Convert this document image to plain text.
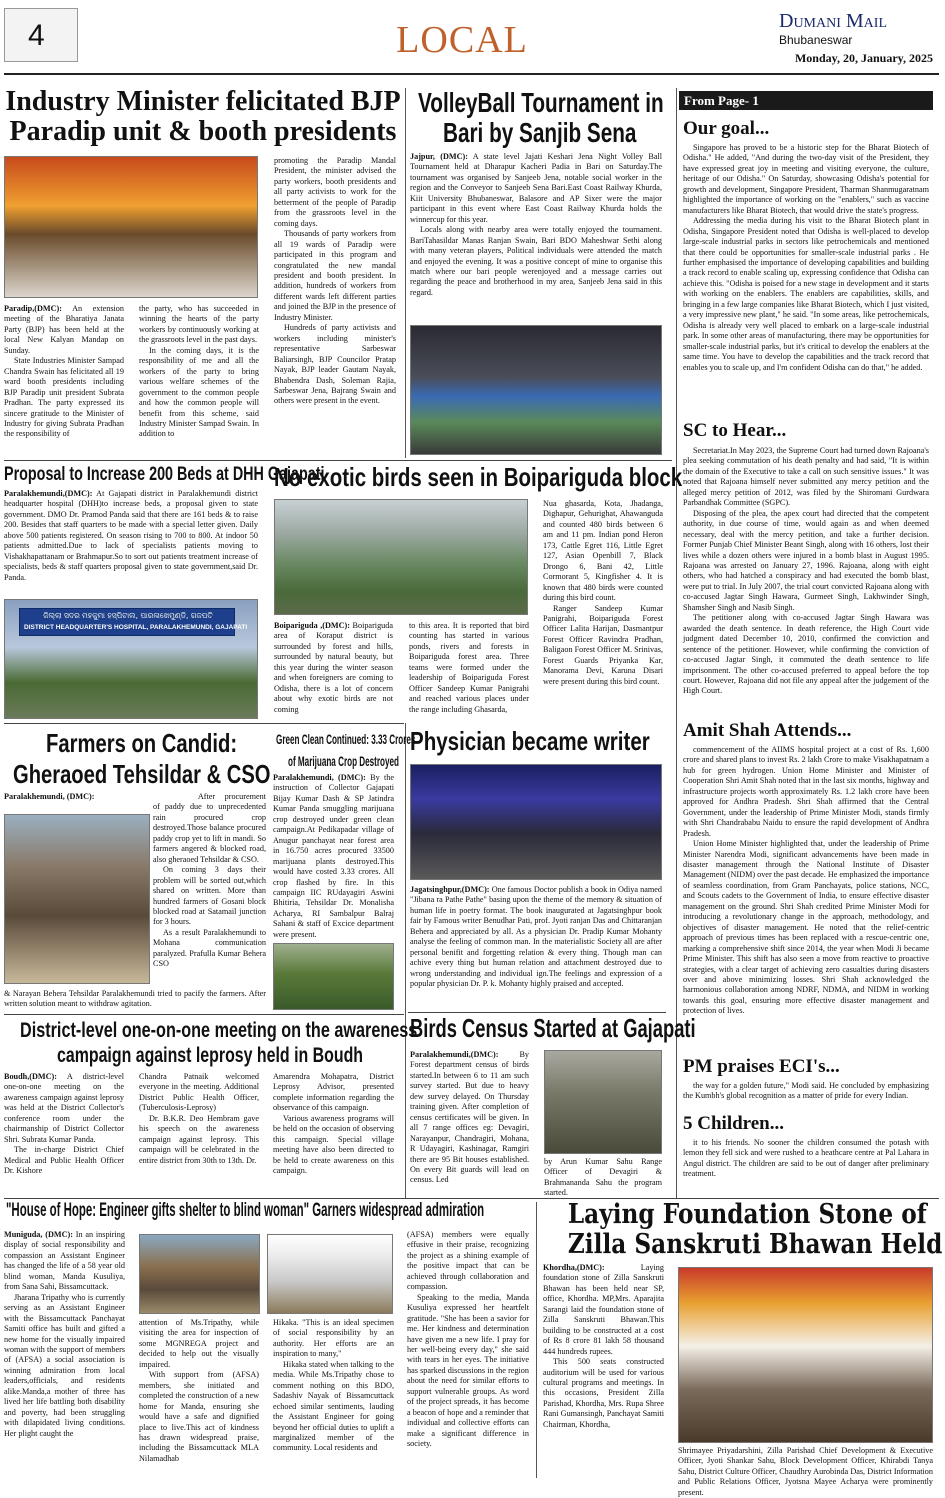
4	LOCAL	Dumani Mail
Bhubaneswar
Monday, 20, January, 2025
Industry Minister felicitated BJP
Paradip unit & booth presidents

Paradip,(DMC): An extension meeting of the Bharatiya Janata Party (BJP) has been held at the local New Kalyan Mandap on Sunday.

State Industries Minister Sampad Chandra Swain has felicitated all 19 ward booth presidents including BJP Paradip unit president Subrata Pradhan. The party expressed its sincere gratitude to the Minister of Industry for giving Subrata Pradhan the responsibility of

the party, who has succeeded in winning the hearts of the party workers by continuously working at the grassroots level in the past days.

In the coming days, it is the responsibility of me and all the workers of the party to bring various welfare schemes of the government to the common people and how the common people will benefit from this scheme, said Industry Minister Sampad Swain. In addition to

promoting the Paradip Mandal President, the minister advised the party workers, booth presidents and all party activists to work for the betterment of the people of Paradip from the grassroots level in the coming days.

Thousands of party workers from all 19 wards of Paradip were participated in this program and congratulated the new mandal president and booth president. In addition, hundreds of workers from different wards left different parties and joined the BJP in the presence of Industry Minister.

Hundreds of party activists and workers including minister's representative Sarbeswar Baliarsingh, BJP Councilor Pratap Nayak, BJP leader Gautam Nayak, Bhabendra Dash, Soleman Rajia, Sarbeswar Jena, Bajrang Swain and others were present in the event.

VolleyBall Tournament in
Bari by Sanjib Sena

Jajpur, (DMC): A state level Jajati Keshari Jena Night Volley Ball Tournament held at Dharapur Kacheri Padia in Bari on Saturday.The tournament was organised by Sanjeeb Jena, notable social worker in the region and the Conveyor to Sanjeeb Sena Bari.East Coast Railway Khurda, Kiit University Bhubaneswar, Balasore and AP Sixer were the major participant in this event where East Coast Railway Khurda holds the winnercup for this year.

Locals along with nearby area were totally enjoyed the tournament. BariTahasildar Manas Ranjan Swain, Bari BDO Maheshwar Sethi along with many veteran players, Political individuals were attended the match and enjoyed the evening. It was a positive concept of mine to organise this match where our bari people werenjoyed and a message carries out regarding the peace and brotherhood in my area, Sanjeeb Jena said in this regard.

Proposal to Increase 200 Beds at DHH Gajapati

Paralakhemundi,(DMC): At Gajapati district in Paralakhemundi district headquarter hospital (DHH)to increase beds, a proposal given to state government. DMO Dr. Pramod Panda said that there are 161 beds & to raise 200. Besides that staff quarters to be made with a special letter given. Daily above 500 patients registered. On season rising to 700 to 800. At indoor 50 patients admitted.Due to lack of specialists patients moving to Vishakhapattanam or Brahmapur.So to sort out patients treatment increase of specialists, beds & staff quarters proposal given to state government,said Dr. Panda.

ଜିଲ୍ଲା ସଦର ମହକୁମା ହସ୍ପିଟାଲ, ପାରଳାଖେମୁଣ୍ଡି, ଗଜପତି
DISTRICT HEADQUARTER'S HOSPITAL, PARALAKHEMUNDI, GAJAPATI
No exotic birds seen in Boipariguda block

Boipariguda ,(DMC): Boipariguda area of Koraput district is surrounded by forest and hills, surrounded by natural beauty, but this year during the winter season and when foreigners are coming to Odisha, there is a lot of concern about why exotic birds are not coming

to this area. It is reported that bird counting has started in various ponds, rivers and forests in Boipariguda forest area. Three teams were formed under the leadership of Boipariguda Forest Officer Sandeep Kumar Panigrahi and reached various places under the range including Ghasarda,

Nua ghasarda, Kota, Jhadanga, Dighapur, Gehurighat, Ahawanguda and counted 480 birds between 6 am and 11 pm. Indian pond Heron 173, Cattle Egret 116, Little Egret 127, Asian Openbill 7, Black Drongo 6, Bani 42, Little Cormorant 5, Kingfisher 4. It is known that 480 birds were counted during this bird count.

Ranger Sandeep Kumar Panigrahi, Boipariguda Forest Officer Lalita Harijan, Dasmantpur Forest Officer Ravindra Pradhan, Baligaon Forest Officer M. Srinivas, Forest Guards Priyanka Kar, Manorama Devi, Karuna Disari were present during this bird count.

Farmers on Candid:
Gheraoed Tehsildar & CSO

Paralakhemundi, (DMC):	After procurement of paddy due to unprecedented rain procured crop destroyed.Those balance procured paddy crop yet to lift in mandi. So farmers angered & blocked road, also gheraoed Tehsildar & CSO.

On coming 3 days their problem will be sorted out,which shared on written. More than hundred farmers of Gosani block blocked road at Satamail junction for 3 hours.

As a result Paralakhemundi to Mohana communication paralyzed. Prafulla Kumar Behera CSO

& Narayan Behera Tehsildar Paralakhemundi tried to pacify the farmers. After written solution meant to withdraw agitation.

Green Clean Continued: 3.33 Crores
of Marijuana Crop Destroyed

Paralakhemundi, (DMC): By the instruction of Collector Gajapati Bijay Kumar Dash & SP Jatindra Kumar Panda smuggling marijuana crop destroyed under green clean campaign.At Pedikapadar village of Anugur panchayat near forest area in 16.750 acres procured 33500 marijuana plants destroyed.This would have costed 3.33 crores. All crop flashed by fire. In this campaign IIC RUdayagiri Aswini Bhitiria, Tehsildar Dr. Monalisha Acharya, RI Sambalpur Balraj Sahani & staff of Excice department were present.

Physician became writer

Jagatsinghpur,(DMC): One famous Doctor publish a book in Odiya named "Jibana ra Pathe Pathe" basing upon the theme of the memory & situation of human life in poetry format. The book inaugurated at Jagatsinghpur book fair by Famous writer Benudhar Pati, prof. Jyoti ranjan Das and Chittaranjan Behera and appreciated by all. As a physician Dr. Pradip Kumar Mohanty analyse the feeling of common man. In the materialistic Society all are after personal benifit and forgetting relation & every thing. Though man can achive every thing but human relation and attachment destroyed due to wrong understanding and individual ign.The feelings and expression of a popular physician Dr. P. k. Mohanty highly praised and accepted.

District-level one-on-one meeting on the awareness
campaign against leprosy held in Boudh

Boudh,(DMC): A district-level one-on-one meeting on the awareness campaign against leprosy was held at the District Collector's conference room under the chairmanship of District Collector Shri. Subrata Kumar Panda.

The in-charge District Chief Medical and Public Health Officer Dr. Kishore

Chandra Patnaik welcomed everyone in the meeting. Additional District Public Health Officer, (Tuberculosis-Leprosy)

Dr. B.K.R. Deo Hembram gave his speech on the awareness campaign against leprosy. This campaign will be celebrated in the entire district from 30th to 13th. Dr.

Amarendra Mohapatra, District Leprosy Advisor, presented complete information regarding the observance of this campaign.

Various awareness programs will be held on the occasion of observing this campaign. Special village meeting have also been directed to be held to create awareness on this campaign.

Birds Census Started at Gajapati

Paralakhemundi,(DMC): By Forest department census of birds started.In between 6 to 11 am such survey started. But due to heavy dew survey delayed. On Thursday training given. After completion of census certificates will be given. In all 7 range offices eg: Devagiri, Narayanpur, Chandragiri, Mohana, R Udayagiri, Kashinagar, Ramgiri there are 95 Bit houses established. On every Bit guards will lead on census. Led

by Arun Kumar Sahu Range Officer of Devagiri & Brahmananda Sahu the program started.

"House of Hope: Engineer gifts shelter to blind woman" Garners widespread admiration

Muniguda, (DMC): In an inspiring display of social responsibility and compassion an Assistant Engineer has changed the life of a 58 year old blind woman, Manda Kusuliya, from Sana Sahi, Bissamcuttack.

Jharana Tripathy who is currently serving as an Assistant Engineer with the Bissamcuttack Panchayat Samiti office has built and gifted a new home for the visually impaired woman with the support of members of (AFSA) a social association is winning admiration from local leaders,officials, and residents alike.Manda,a mother of three has lived her life battling both disability and poverty, had been struggling with dilapidated living conditions. Her plight caught the

attention of Ms.Tripathy, while visiting the area for inspection of some MGNREGA project and decided to help out the visually impaired.

With support from (AFSA) members, she initiated and completed the construction of a new home for Manda, ensuring she would have a safe and dignified place to live.This act of kindness has drawn widespread praise, including the Bissamcuttack MLA Nilamadhab

Hikaka. "This is an ideal specimen of social responsibility by an authority. Her efforts are an inspiration to many,"

Hikaka stated when talking to the media. While Ms.Tripathy chose to comment nothing on this BDO, Sadashiv Nayak of Bissamcuttack echoed similar sentiments, lauding the Assistant Engineer for going beyond her official duties to uplift a marginalized member of the community. Local residents and

(AFSA) members were equally effusive in their praise, recognizing the project as a shining example of the positive impact that can be achieved through collaboration and compassion.

Speaking to the media, Manda Kusuliya expressed her heartfelt gratitude. "She has been a savior for me. Her kindness and determination have given me a new life. I pray for her well-being every day," she said with tears in her eyes. The initiative has sparked discussions in the region about the need for similar efforts to support vulnerable groups. As word of the project spreads, it has become a beacon of hope and a reminder that individual and collective efforts can make a significant difference in society.

Laying Foundation Stone of
Zilla Sanskruti Bhawan Held

Khordha,(DMC): Laying foundation stone of Zilla Sanskruti Bhawan has been held near SP, office, Khordha. MP,Mrs. Aparajita Sarangi laid the foundation stone of Zilla Sanskruti Bhawan.This building to be constructed at a cost of Rs 8 crore 81 lakh 58 thousand 444 hundreds rupees.

This 500 seats constructed auditorium will be used for various cultural programs and meetings. In this occasions, President Zilla Parishad, Khordha, Mrs. Rupa Shree Rani Gumansingh, Panchayat Samiti Chairman, Khordha,

Shrimayee Priyadarshini, Zilla Parishad Chief Development & Executive Officer, Jyoti Shankar Sahu, Block Development Officer, Khirabdi Tanya Sahu, District Culture Officer, Chaudhry Aurobinda Das, District Information and Public Relations Officer, Jyotsna Mayee Acharya were prominently present.

From Page- 1
Our goal...

Singapore has proved to be a historic step for the Bharat Biotech of Odisha." He added, "And during the two-day visit of the President, they have expressed great joy in meeting and visiting everyone, the culture, heritage of our Odisha." On Saturday, showcasing Odisha's potential for growth and development, Singapore President, Tharman Shanmugaratnam highlighted the importance of working on the "enablers," such as vaccine manufacturers like Bharat Biotech, that would drive the state's progress.

Addressing the media during his visit to the Bharat Biotech plant in Odisha, Singapore President noted that Odisha is well-placed to develop large-scale industrial parks in sectors like petrochemicals and mentioned that there could be opportunities for smaller-scale industrial parks . He further emphasised the importance of developing capabilities and building a track record to enable scaling up, expressing confidence that Odisha can achieve this. "Odisha is poised for a new stage in development and it starts with working on the enablers. The enablers are capabilities, skills, and bringing in a few large companies like Bharat Biotech, which I just visited, a very impressive new plant," he said. "In some areas, like petrochemicals, Odisha is already very well placed to embark on a large-scale industrial park. In some other areas of manufacturing, there may be opportunities for smaller-scale industrial parks, but it's critical to develop the enablers at the same time. You have to develop the capabilities and the track record that enables you to scale up, and I'm confident Odisha can do that," he added.

SC to Hear...

Secretariat.In May 2023, the Supreme Court had turned down Rajoana's plea seeking commutation of his death penalty and had said, "It is within the domain of the Executive to take a call on such sensitive issues." It was noted that Rajoana himself never submitted any mercy petition and the alleged mercy petition of 2012, was filed by the Shiromani Gurdwara Parbandhak Committee (SGPC).

Disposing of the plea, the apex court had directed that the competent authority, in due course of time, would again as and when deemed necessary, deal with the mercy petition, and take a further decision. Former Punjab Chief Minister Beant Singh, along with 16 others, lost their lives while a dozen others were injured in a bomb blast in August 1995. Rajoana was arrested on January 27, 1996. Rajoana, along with eight others, who had hatched a conspiracy and had executed the bomb blast, were put to trial. In July 2007, the trial court convicted Rajoana along with co-accused Jagtar Singh Hawara, Gurmeet Singh, Lakhwinder Singh, Shamsher Singh and Nasib Singh.

The petitioner along with co-accused Jagtar Singh Hawara was awarded the death sentence. In death reference, the High Court vide judgment dated December 10, 2010, confirmed the conviction and sentence of the petitioner. However, while confirming the conviction of co-accused Jagtar Singh, it commuted the death sentence to life imprisonment. The other co-accused preferred to appeal before the top court. However, Rajoana did not file any appeal after the judgement of the High Court.

Amit Shah Attends...

commencement of the AIIMS hospital project at a cost of Rs. 1,600 crore and shared plans to invest Rs. 2 lakh Crore to make Visakhapatnam a hub for green hydrogen. Union Home Minister and Minister of Cooperation Shri Amit Shah noted that in the last six months, highway and infrastructure projects worth approximately Rs. 1.2 lakh crore have been approved for Andhra Pradesh. Shri Shah affirmed that the Central Government, under the leadership of Prime Minister Modi, stands firmly with Shri Chandrababu Naidu to ensure the rapid development of Andhra Pradesh.

Union Home Minister highlighted that, under the leadership of Prime Minister Narendra Modi, significant advancements have been made in disaster management through the National Institute of Disaster Management (NIDM) over the past decade. He emphasized the importance of seamless coordination, from Gram Panchayats, police stations, NCC, and Scouts cadets to the Government of India, to ensure effective disaster management on the ground. Shri Shah credited Prime Minister Modi for introducing a revolutionary change in the approach, methodology, and objectives of disaster management. He noted that the relief-centric approach of previous times has been replaced with a rescue-centric one, marking a comprehensive shift since 2014, the year when Modi Ji became Prime Minister. This shift has also seen a move from reactive to proactive strategies, with a clear target of achieving zero casualties during disasters over and above minimizing losses. Shri Shah acknowledged the harmonious collaboration among NDRF, NDMA, and NIDM in working towards this goal, ensuring more effective disaster management and protection of lives.

PM praises ECI's...

the way for a golden future," Modi said. He concluded by emphasizing the Kumbh's global recognition as a matter of pride for every Indian.

5 Children...

it to his friends. No sooner the children consumed the potash with lemon they fell sick and were rushed to a heathcare centre at Pal Lahara in Angul district. The children are said to be out of danger after preliminary treatment.
